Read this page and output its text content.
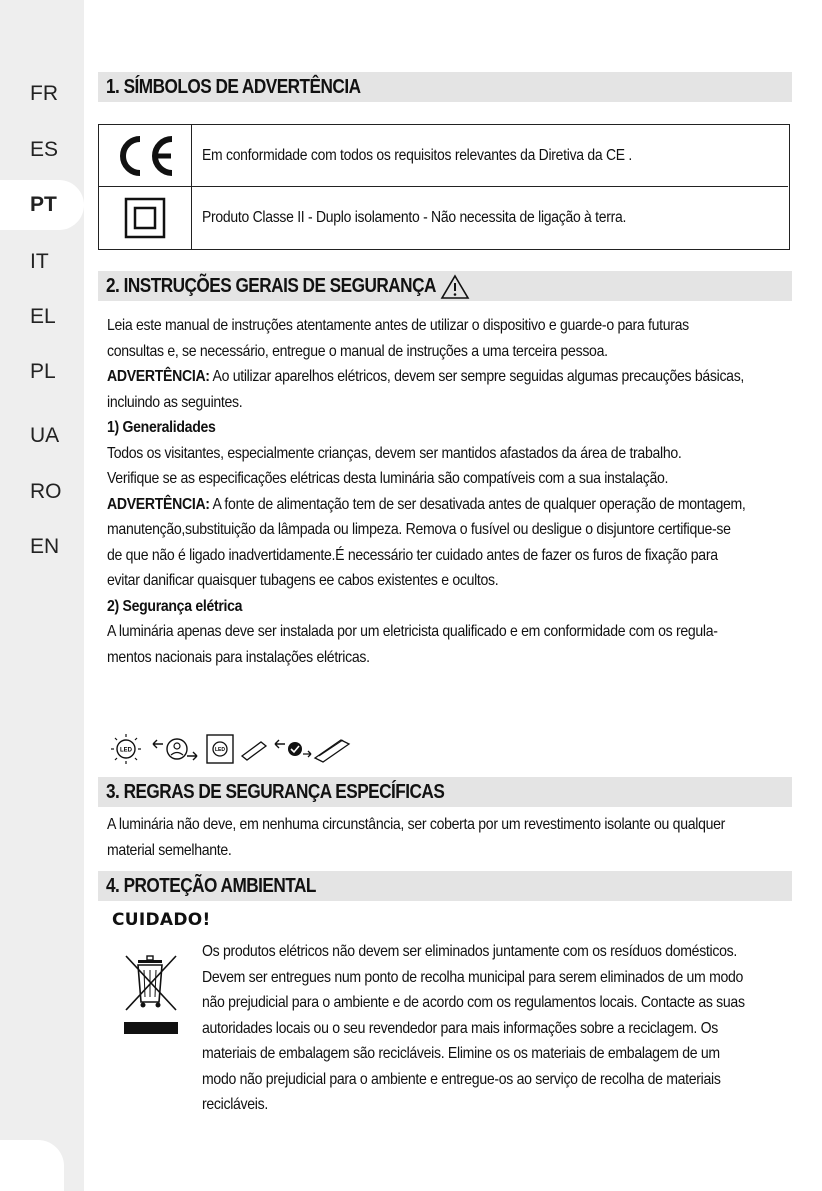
FR
ES
PT
IT
EL
PL
UA
RO
EN
1. SÍMBOLOS DE ADVERTÊNCIA
Em conformidade com todos os requisitos relevantes da Diretiva da CE .
Produto Classe II - Duplo isolamento - Não necessita de ligação à terra.
2. INSTRUÇÕES GERAIS DE SEGURANÇA
Leia este manual de instruções atentamente antes de utilizar o dispositivo e guarde-o para futuras
consultas e, se necessário, entregue o manual de instruções a uma terceira pessoa.
ADVERTÊNCIA: Ao utilizar aparelhos elétricos, devem ser sempre seguidas algumas precauções básicas,
incluindo as seguintes.
1) Generalidades
Todos os visitantes, especialmente crianças, devem ser mantidos afastados da área de trabalho.
Verifique se as especificações elétricas desta luminária são compatíveis com a sua instalação.
ADVERTÊNCIA: A fonte de alimentação tem de ser desativada antes de qualquer operação de montagem,
manutenção,substituição da lâmpada ou limpeza. Remova o fusível ou desligue o disjuntore certifique-se
de que não é ligado inadvertidamente.É necessário ter cuidado antes de fazer os furos de fixação para
evitar danificar quaisquer tubagens ee cabos existentes e ocultos.
2) Segurança elétrica
A luminária apenas deve ser instalada por um eletricista qualificado e em conformidade com os regula-
mentos nacionais para instalações elétricas.
LED	LED
3. REGRAS DE SEGURANÇA ESPECÍFICAS
A luminária não deve, em nenhuma circunstância, ser coberta por um revestimento isolante ou qualquer
material semelhante.
4. PROTEÇÃO AMBIENTAL
CUIDADO!
Os produtos elétricos não devem ser eliminados juntamente com os resíduos domésticos.
Devem ser entregues num ponto de recolha municipal para serem eliminados de um modo
não prejudicial para o ambiente e de acordo com os regulamentos locais. Contacte as suas
autoridades locais ou o seu revendedor para mais informações sobre a reciclagem. Os
materiais de embalagem são recicláveis. Elimine os os materiais de embalagem de um
modo não prejudicial para o ambiente e entregue-os ao serviço de recolha de materiais
recicláveis.
